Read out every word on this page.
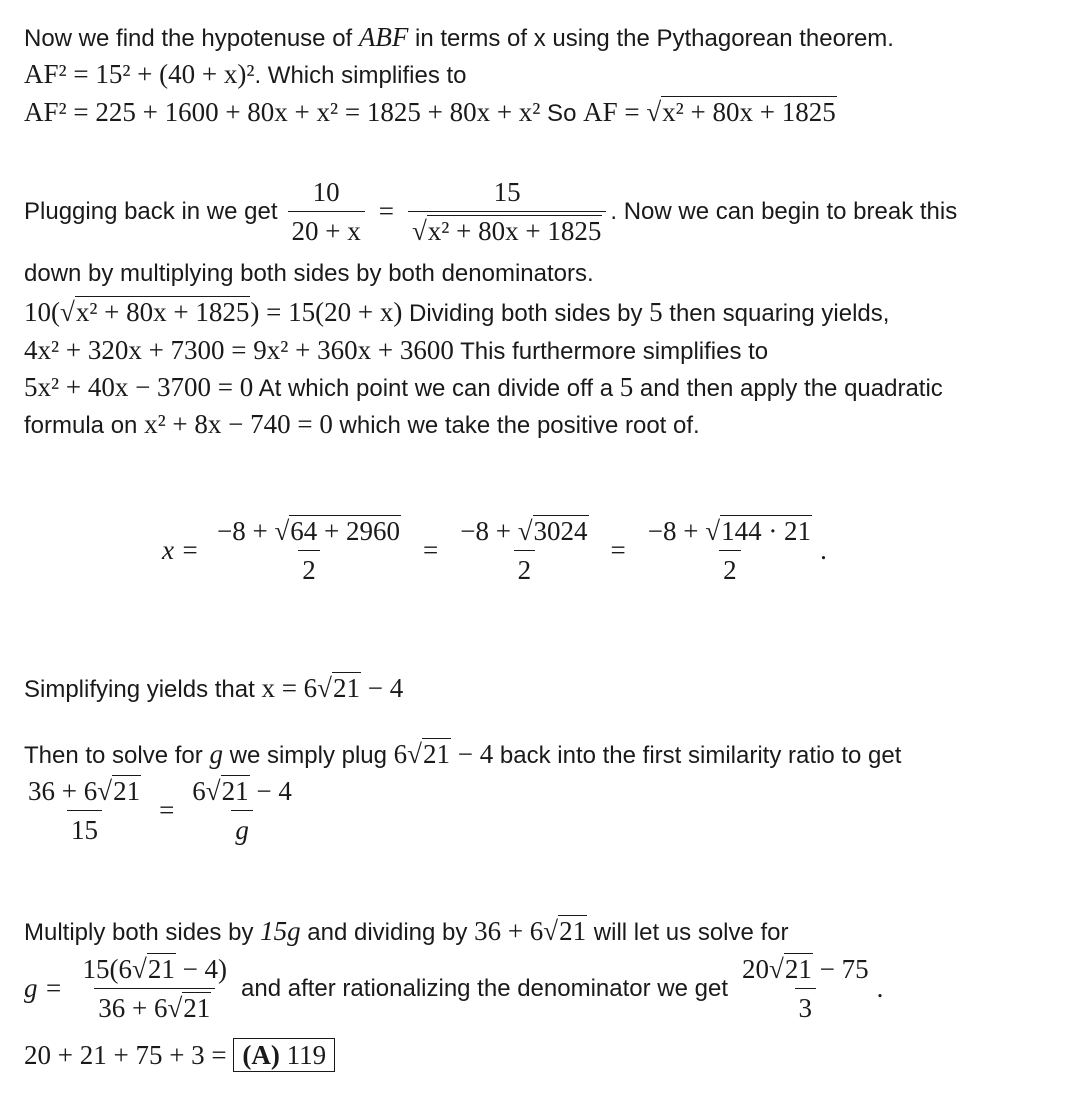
Now we find the hypotenuse of ABF in terms of x using the Pythagorean theorem.
AF² = 15² + (40 + x)². Which simplifies to
AF² = 225 + 1600 + 80x + x² = 1825 + 80x + x² So AF = √x² + 80x + 1825
Plugging back in we get $\frac{10}{20 + x} = \frac{15}{\text{√x² + 80x + 1825}}$ . Now we can begin to break this
down by multiplying both sides by both denominators.
10(√x² + 80x + 1825) = 15(20 + x) Dividing both sides by 5 then squaring yields,
4x² + 320x + 7300 = 9x² + 360x + 3600 This furthermore simplifies to
5x² + 40x − 3700 = 0 At which point we can divide off a 5 and then apply the quadratic
formula on x² + 8x − 740 = 0 which we take the positive root of.
$x = \frac{-8 + √64 + 2960}{2} = \frac{-8 + √3024}{2} = \frac{-8 + √144 \cdot 21}{2}$ .
Simplifying yields that x = 6√21 − 4
Then to solve for g we simply plug 6√21 − 4 back into the first similarity ratio to get
$\frac{36 + 6√21}{15} = \frac{6√21 - 4}{g}$
Multiply both sides by 15g and dividing by 36 + 6√21 will let us solve for
$g = \frac{15(6√21 - 4)}{36 + 6√21}$ and after rationalizing the denominator we get $\frac{20√21 - 75}{3}$ .
20 + 21 + 75 + 3 = (A) 119
